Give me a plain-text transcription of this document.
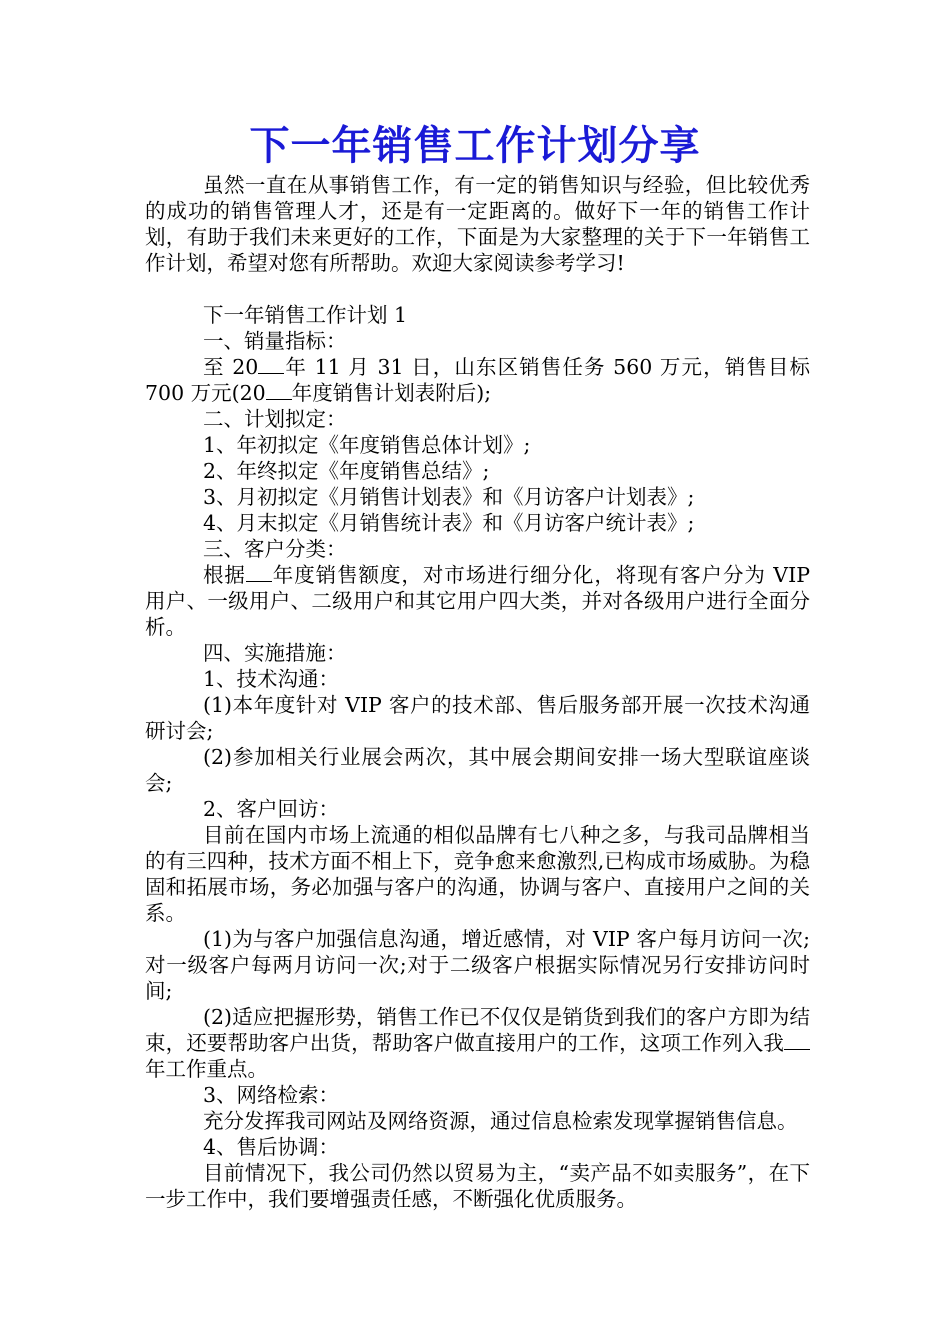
下一年销售工作计划分享

虽然一直在从事销售工作，有一定的销售知识与经验，但比较优秀的成功的销售管理人才，还是有一定距离的。做好下一年的销售工作计划，有助于我们未来更好的工作，下面是为大家整理的关于下一年销售工作计划，希望对您有所帮助。欢迎大家阅读参考学习!

下一年销售工作计划 1

一、销量指标：

至 20 年 11 月 31 日，山东区销售任务 560 万元，销售目标 700 万元(20 年度销售计划表附后);

二、计划拟定：

1、年初拟定《年度销售总体计划》;

2、年终拟定《年度销售总结》;

3、月初拟定《月销售计划表》和《月访客户计划表》;

4、月末拟定《月销售统计表》和《月访客户统计表》;

三、客户分类：

根据 年度销售额度，对市场进行细分化，将现有客户分为 VIP 用户、一级用户、二级用户和其它用户四大类，并对各级用户进行全面分析。

四、实施措施：

1、技术沟通：

(1)本年度针对 VIP 客户的技术部、售后服务部开展一次技术沟通研讨会;

(2)参加相关行业展会两次，其中展会期间安排一场大型联谊座谈会;

2、客户回访：

目前在国内市场上流通的相似品牌有七八种之多，与我司品牌相当的有三四种，技术方面不相上下，竞争愈来愈激烈,已构成市场威胁。为稳固和拓展市场，务必加强与客户的沟通，协调与客户、直接用户之间的关系。

(1)为与客户加强信息沟通，增近感情，对 VIP 客户每月访问一次;对一级客户每两月访问一次;对于二级客户根据实际情况另行安排访问时间;

(2)适应把握形势，销售工作已不仅仅是销货到我们的客户方即为结束，还要帮助客户出货，帮助客户做直接用户的工作，这项工作列入我年工作重点。

3、网络检索：

充分发挥我司网站及网络资源，通过信息检索发现掌握销售信息。

4、售后协调：

目前情况下，我公司仍然以贸易为主，“卖产品不如卖服务”，在下一步工作中，我们要增强责任感，不断强化优质服务。
